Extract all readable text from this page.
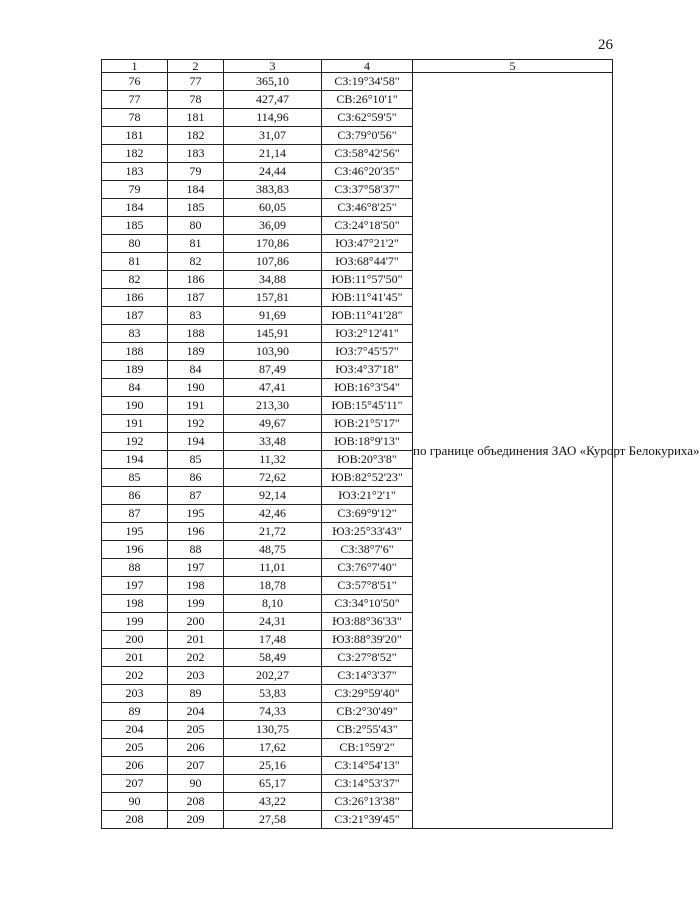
26
1	2	3	4	5
76	77	365,10	СЗ:19°34'58"	по границе объединения ЗАО «Курорт Белокуриха»
77	78	427,47	СВ:26°10'1"	
78	181	114,96	СЗ:62°59'5"	
181	182	31,07	СЗ:79°0'56"	
182	183	21,14	СЗ:58°42'56"	
183	79	24,44	СЗ:46°20'35"	
79	184	383,83	СЗ:37°58'37"	
184	185	60,05	СЗ:46°8'25"	
185	80	36,09	СЗ:24°18'50"	
80	81	170,86	ЮЗ:47°21'2"	
81	82	107,86	ЮЗ:68°44'7"	
82	186	34,88	ЮВ:11°57'50"	
186	187	157,81	ЮВ:11°41'45"	
187	83	91,69	ЮВ:11°41'28"	
83	188	145,91	ЮЗ:2°12'41"	
188	189	103,90	ЮЗ:7°45'57"	
189	84	87,49	ЮЗ:4°37'18"	
84	190	47,41	ЮВ:16°3'54"	
190	191	213,30	ЮВ:15°45'11"	
191	192	49,67	ЮВ:21°5'17"	
192	194	33,48	ЮВ:18°9'13"	
194	85	11,32	ЮВ:20°3'8"	
85	86	72,62	ЮВ:82°52'23"	
86	87	92,14	ЮЗ:21°2'1"	
87	195	42,46	СЗ:69°9'12"	
195	196	21,72	ЮЗ:25°33'43"	
196	88	48,75	СЗ:38°7'6"	
88	197	11,01	СЗ:76°7'40"	
197	198	18,78	СЗ:57°8'51"	
198	199	8,10	СЗ:34°10'50"	
199	200	24,31	ЮЗ:88°36'33"	
200	201	17,48	ЮЗ:88°39'20"	
201	202	58,49	СЗ:27°8'52"	
202	203	202,27	СЗ:14°3'37"	
203	89	53,83	СЗ:29°59'40"	
89	204	74,33	СВ:2°30'49"	
204	205	130,75	СВ:2°55'43"	
205	206	17,62	СВ:1°59'2"	
206	207	25,16	СЗ:14°54'13"	
207	90	65,17	СЗ:14°53'37"	
90	208	43,22	СЗ:26°13'38"	
208	209	27,58	СЗ:21°39'45"	
